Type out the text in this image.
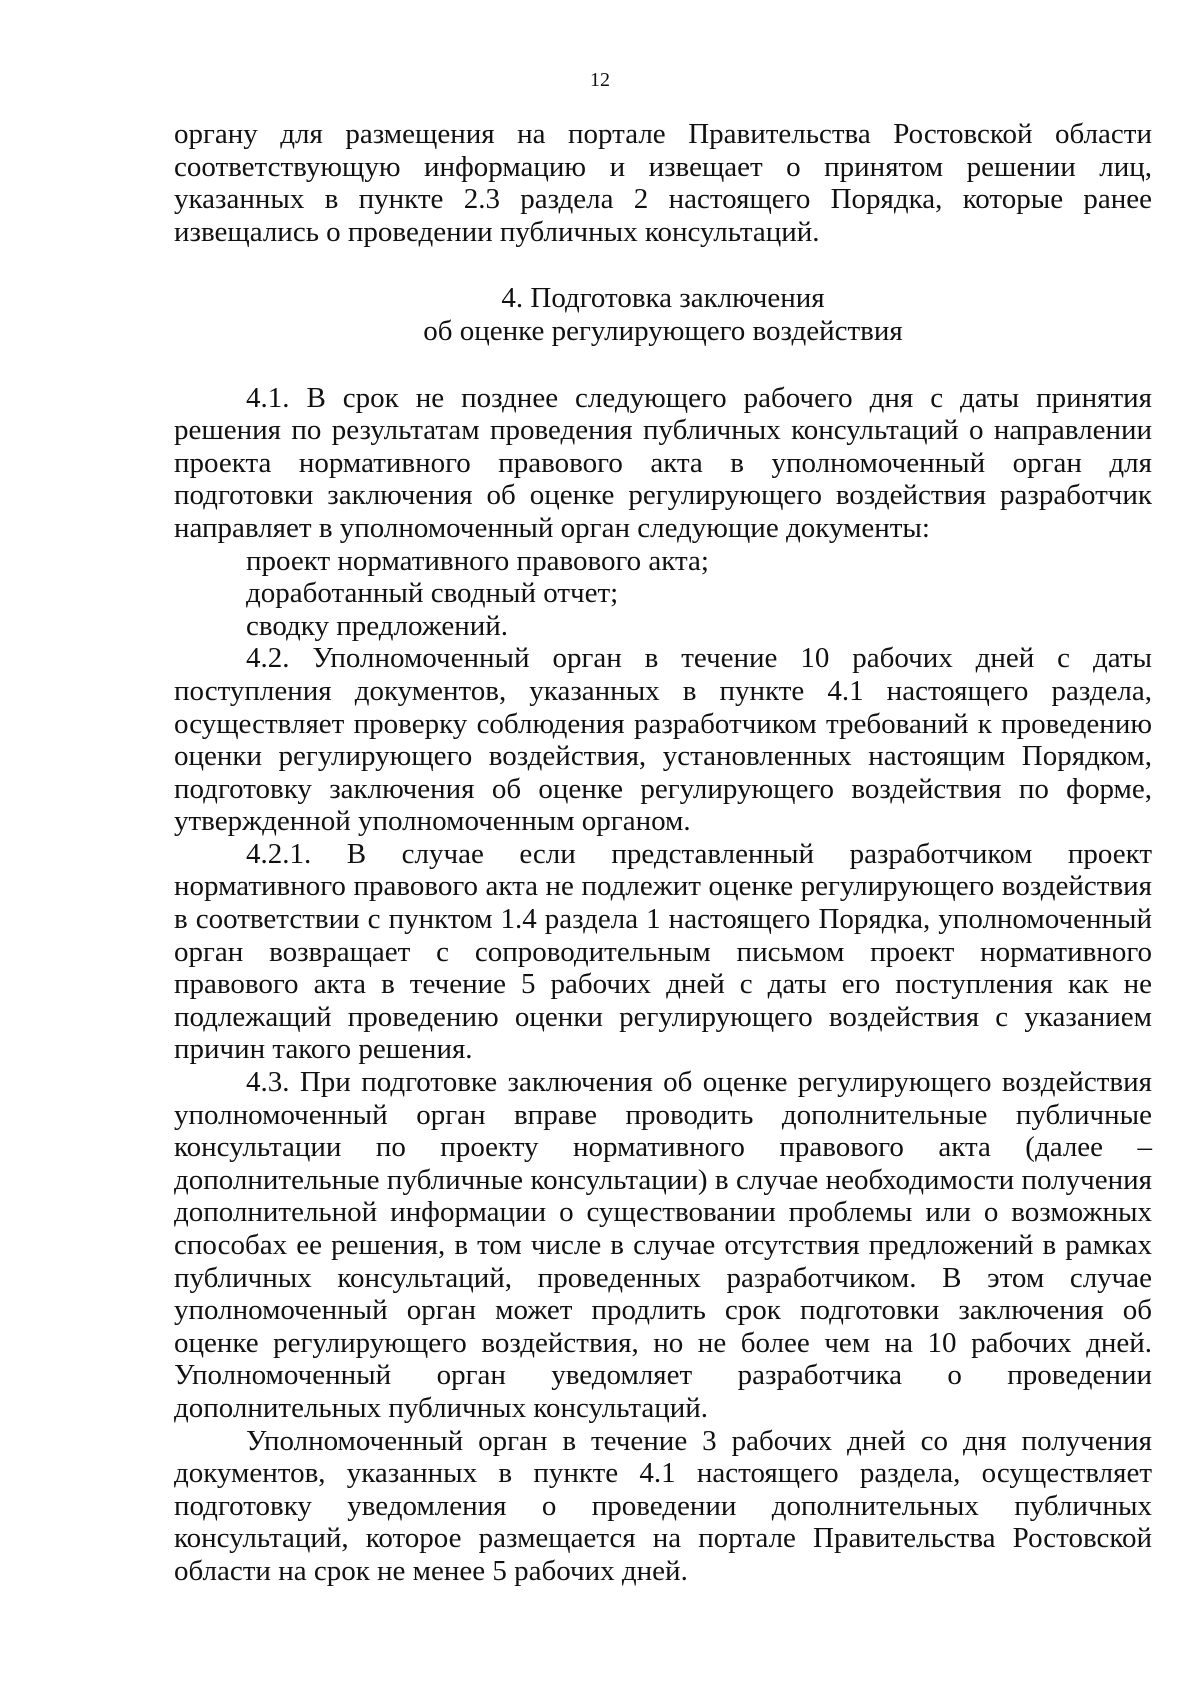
12

органу для размещения на портале Правительства Ростовской области соответствующую информацию и извещает о принятом решении лиц, указанных в пункте 2.3 раздела 2 настоящего Порядка, которые ранее извещались о проведении публичных консультаций.

4. Подготовка заключения

об оценке регулирующего воздействия

4.1. В срок не позднее следующего рабочего дня с даты принятия решения по результатам проведения публичных консультаций о направлении проекта нормативного правового акта в уполномоченный орган для подготовки заключения об оценке регулирующего воздействия разработчик направляет в уполномоченный орган следующие документы:

проект нормативного правового акта;

доработанный сводный отчет;

сводку предложений.

4.2. Уполномоченный орган в течение 10 рабочих дней с даты поступления документов, указанных в пункте 4.1 настоящего раздела, осуществляет проверку соблюдения разработчиком требований к проведению оценки регулирующего воздействия, установленных настоящим Порядком, подготовку заключения об оценке регулирующего воздействия по форме, утвержденной уполномоченным органом.

4.2.1. В случае если представленный разработчиком проект нормативного правового акта не подлежит оценке регулирующего воздействия в соответствии с пунктом 1.4 раздела 1 настоящего Порядка, уполномоченный орган возвращает с сопроводительным письмом проект нормативного правового акта в течение 5 рабочих дней с даты его поступления как не подлежащий проведению оценки регулирующего воздействия с указанием причин такого решения.

4.3. При подготовке заключения об оценке регулирующего воздействия уполномоченный орган вправе проводить дополнительные публичные консультации по проекту нормативного правового акта (далее – дополнительные публичные консультации) в случае необходимости получения дополнительной информации о существовании проблемы или о возможных способах ее решения, в том числе в случае отсутствия предложений в рамках публичных консультаций, проведенных разработчиком. В этом случае уполномоченный орган может продлить срок подготовки заключения об оценке регулирующего воздействия, но не более чем на 10 рабочих дней. Уполномоченный орган уведомляет разработчика о проведении дополнительных публичных консультаций.

Уполномоченный орган в течение 3 рабочих дней со дня получения документов, указанных в пункте 4.1 настоящего раздела, осуществляет подготовку уведомления о проведении дополнительных публичных консультаций, которое размещается на портале Правительства Ростовской области на срок не менее 5 рабочих дней.
